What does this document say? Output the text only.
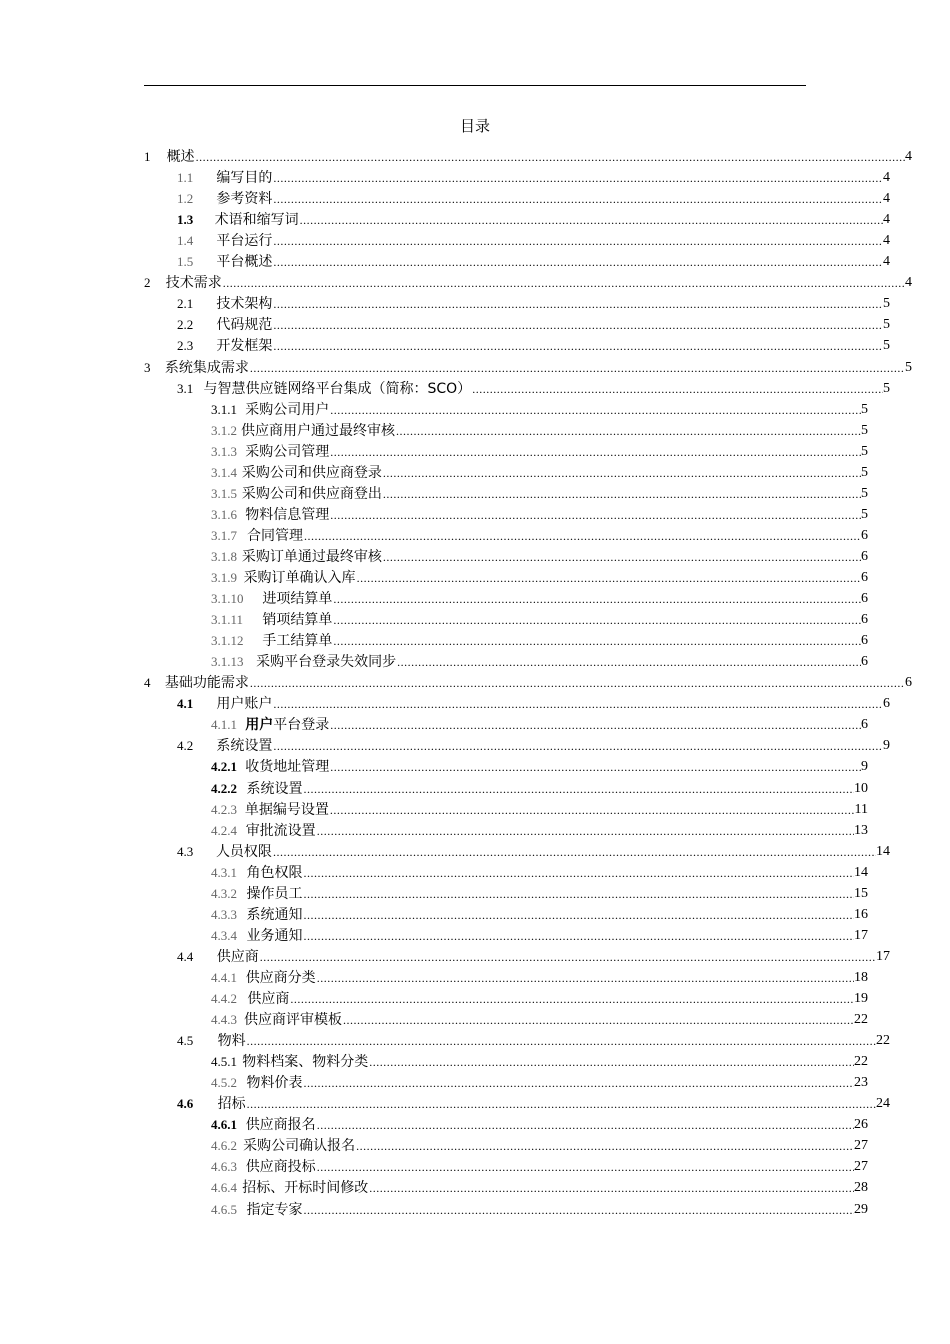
目录
1	概述 .....	4
1.1	编写目的 .....	4
1.2	参考资料 .....	4
1.3	术语和缩写词 .....	4
1.4	平台运行 .....	4
1.5	平台概述 .....	4
2	技术需求 .....	4
2.1	技术架构 .....	5
2.2	代码规范 .....	5
2.3	开发框架 .....	5
3	系统集成需求 .....	5
3.1 与智慧供应链网络平台集成（简称：SCO） .....	5
3.1.1 采购公司用户 .....	5
3.1.2 供应商用户通过最终审核 .....	5
3.1.3 采购公司管理 .....	5
3.1.4 采购公司和供应商登录 .....	5
3.1.5 采购公司和供应商登出 .....	5
3.1.6 物料信息管理 .....	5
3.1.7 合同管理 .....	6
3.1.8 采购订单通过最终审核 .....	6
3.1.9 采购订单确认入库 .....	6
3.1.10	进项结算单 .....	6
3.1.11	销项结算单 .....	6
3.1.12	手工结算单 .....	6
3.1.13 采购平台登录失效同步 .....	6
4	基础功能需求 .....	6
4.1	用户账户 .....	6
4.1.1 用户平台登录 .....	6
4.2	系统设置 .....	9
4.2.1 收货地址管理 .....	9
4.2.2 系统设置 .....	10
4.2.3 单据编号设置 .....	11
4.2.4 审批流设置 .....	13
4.3	人员权限 .....	14
4.3.1 角色权限 .....	14
4.3.2 操作员工 .....	15
4.3.3 系统通知 .....	16
4.3.4 业务通知 .....	17
4.4	供应商 .....	17
4.4.1 供应商分类 .....	18
4.4.2 供应商 .....	19
4.4.3 供应商评审模板 .....	22
4.5	物料 .....	22
4.5.1 物料档案、物料分类 .....	22
4.5.2 物料价表 .....	23
4.6	招标 .....	24
4.6.1 供应商报名 .....	26
4.6.2 采购公司确认报名 .....	27
4.6.3 供应商投标 .....	27
4.6.4 招标、开标时间修改 .....	28
4.6.5 指定专家 .....	29
